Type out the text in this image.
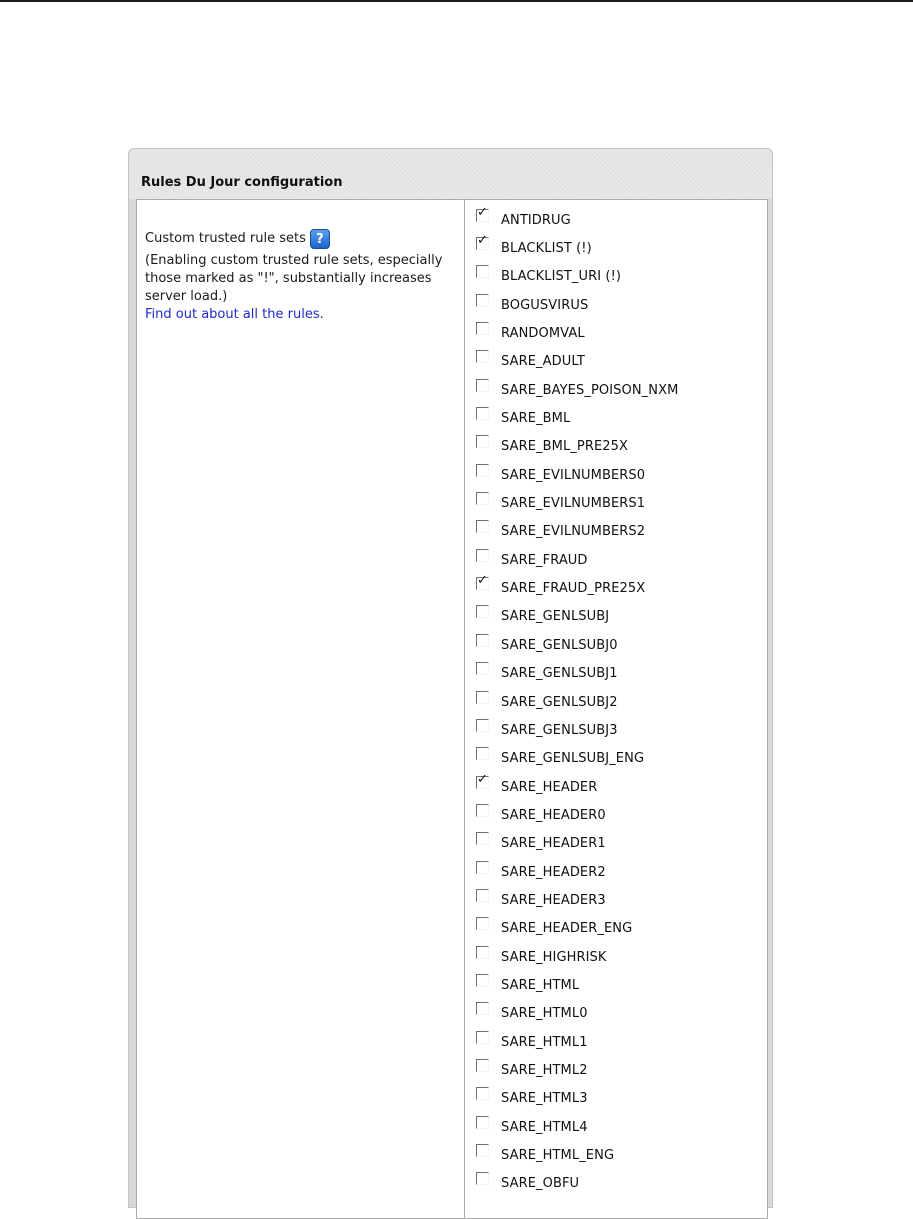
Rules Du Jour configuration
Custom trusted rule sets ?
(Enabling custom trusted rule sets, especially those marked as "!", substantially increases server load.)
Find out about all the rules.
✓
ANTIDRUG
✓
BLACKLIST (!)
BLACKLIST_URI (!)
BOGUSVIRUS
RANDOMVAL
SARE_ADULT
SARE_BAYES_POISON_NXM
SARE_BML
SARE_BML_PRE25X
SARE_EVILNUMBERS0
SARE_EVILNUMBERS1
SARE_EVILNUMBERS2
SARE_FRAUD
✓
SARE_FRAUD_PRE25X
SARE_GENLSUBJ
SARE_GENLSUBJ0
SARE_GENLSUBJ1
SARE_GENLSUBJ2
SARE_GENLSUBJ3
SARE_GENLSUBJ_ENG
✓
SARE_HEADER
SARE_HEADER0
SARE_HEADER1
SARE_HEADER2
SARE_HEADER3
SARE_HEADER_ENG
SARE_HIGHRISK
SARE_HTML
SARE_HTML0
SARE_HTML1
SARE_HTML2
SARE_HTML3
SARE_HTML4
SARE_HTML_ENG
SARE_OBFU
